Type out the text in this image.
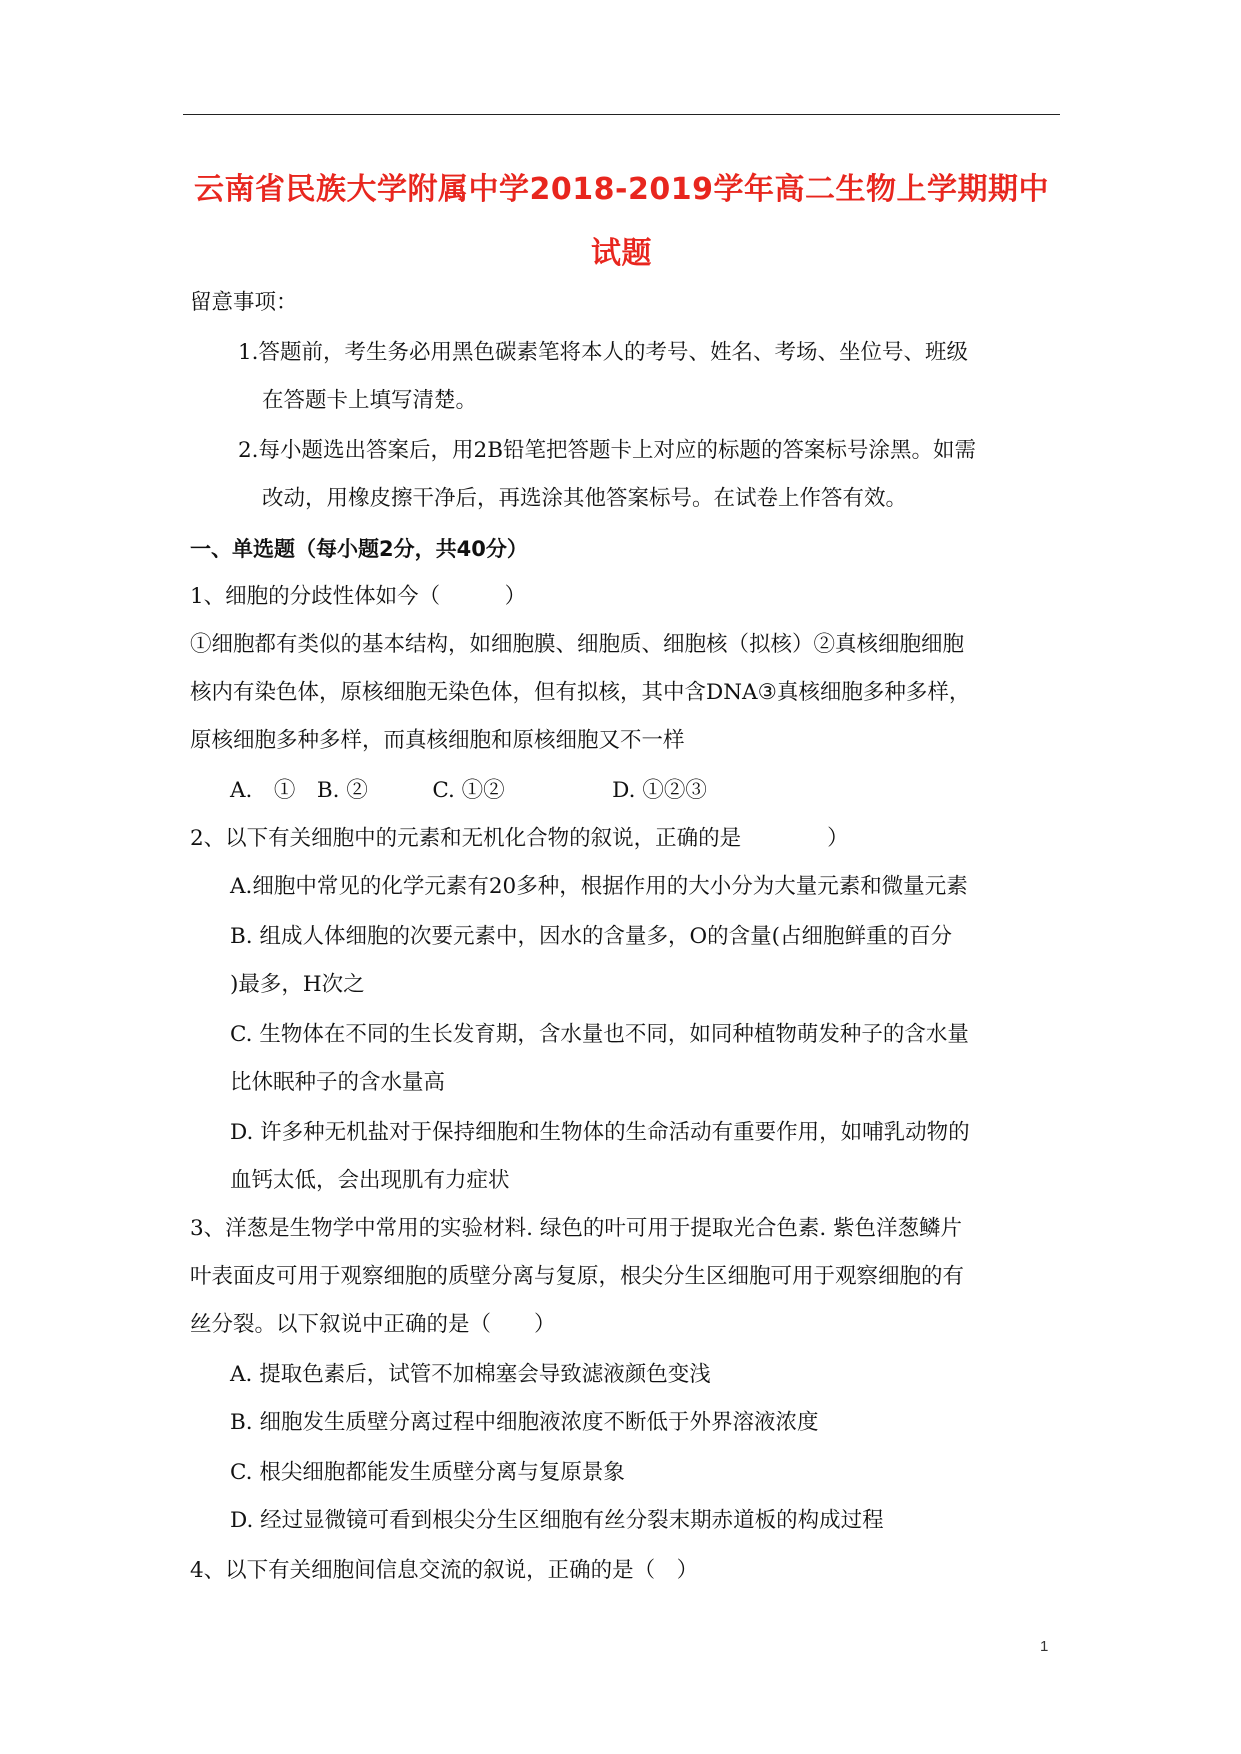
云南省民族大学附属中学2018-2019学年高二生物上学期期中
试题
留意事项：
1.答题前，考生务必用黑色碳素笔将本人的考号、姓名、考场、坐位号、班级
在答题卡上填写清楚。
2.每小题选出答案后，用2B铅笔把答题卡上对应的标题的答案标号涂黑。如需
改动，用橡皮擦干净后，再选涂其他答案标号。在试卷上作答有效。
一、单选题（每小题2分，共40分）
1、细胞的分歧性体如今（　　　）
①细胞都有类似的基本结构，如细胞膜、细胞质、细胞核（拟核）②真核细胞细胞
核内有染色体，原核细胞无染色体，但有拟核，其中含DNA③真核细胞多种多样，
原核细胞多种多样，而真核细胞和原核细胞又不一样
A.　①　B. ②　　　C. ①②　　　　　D. ①②③
2、以下有关细胞中的元素和无机化合物的叙说，正确的是　　　　）
A.细胞中常见的化学元素有20多种，根据作用的大小分为大量元素和微量元素
B. 组成人体细胞的次要元素中，因水的含量多，O的含量(占细胞鲜重的百分
)最多，H次之
C. 生物体在不同的生长发育期，含水量也不同，如同种植物萌发种子的含水量
比休眠种子的含水量高
D. 许多种无机盐对于保持细胞和生物体的生命活动有重要作用，如哺乳动物的
血钙太低，会出现肌有力症状
3、洋葱是生物学中常用的实验材料. 绿色的叶可用于提取光合色素. 紫色洋葱鳞片
叶表面皮可用于观察细胞的质壁分离与复原，根尖分生区细胞可用于观察细胞的有
丝分裂。以下叙说中正确的是（　　）
A. 提取色素后，试管不加棉塞会导致滤液颜色变浅
B. 细胞发生质壁分离过程中细胞液浓度不断低于外界溶液浓度
C. 根尖细胞都能发生质壁分离与复原景象
D. 经过显微镜可看到根尖分生区细胞有丝分裂末期赤道板的构成过程
4、以下有关细胞间信息交流的叙说，正确的是（　）
1
